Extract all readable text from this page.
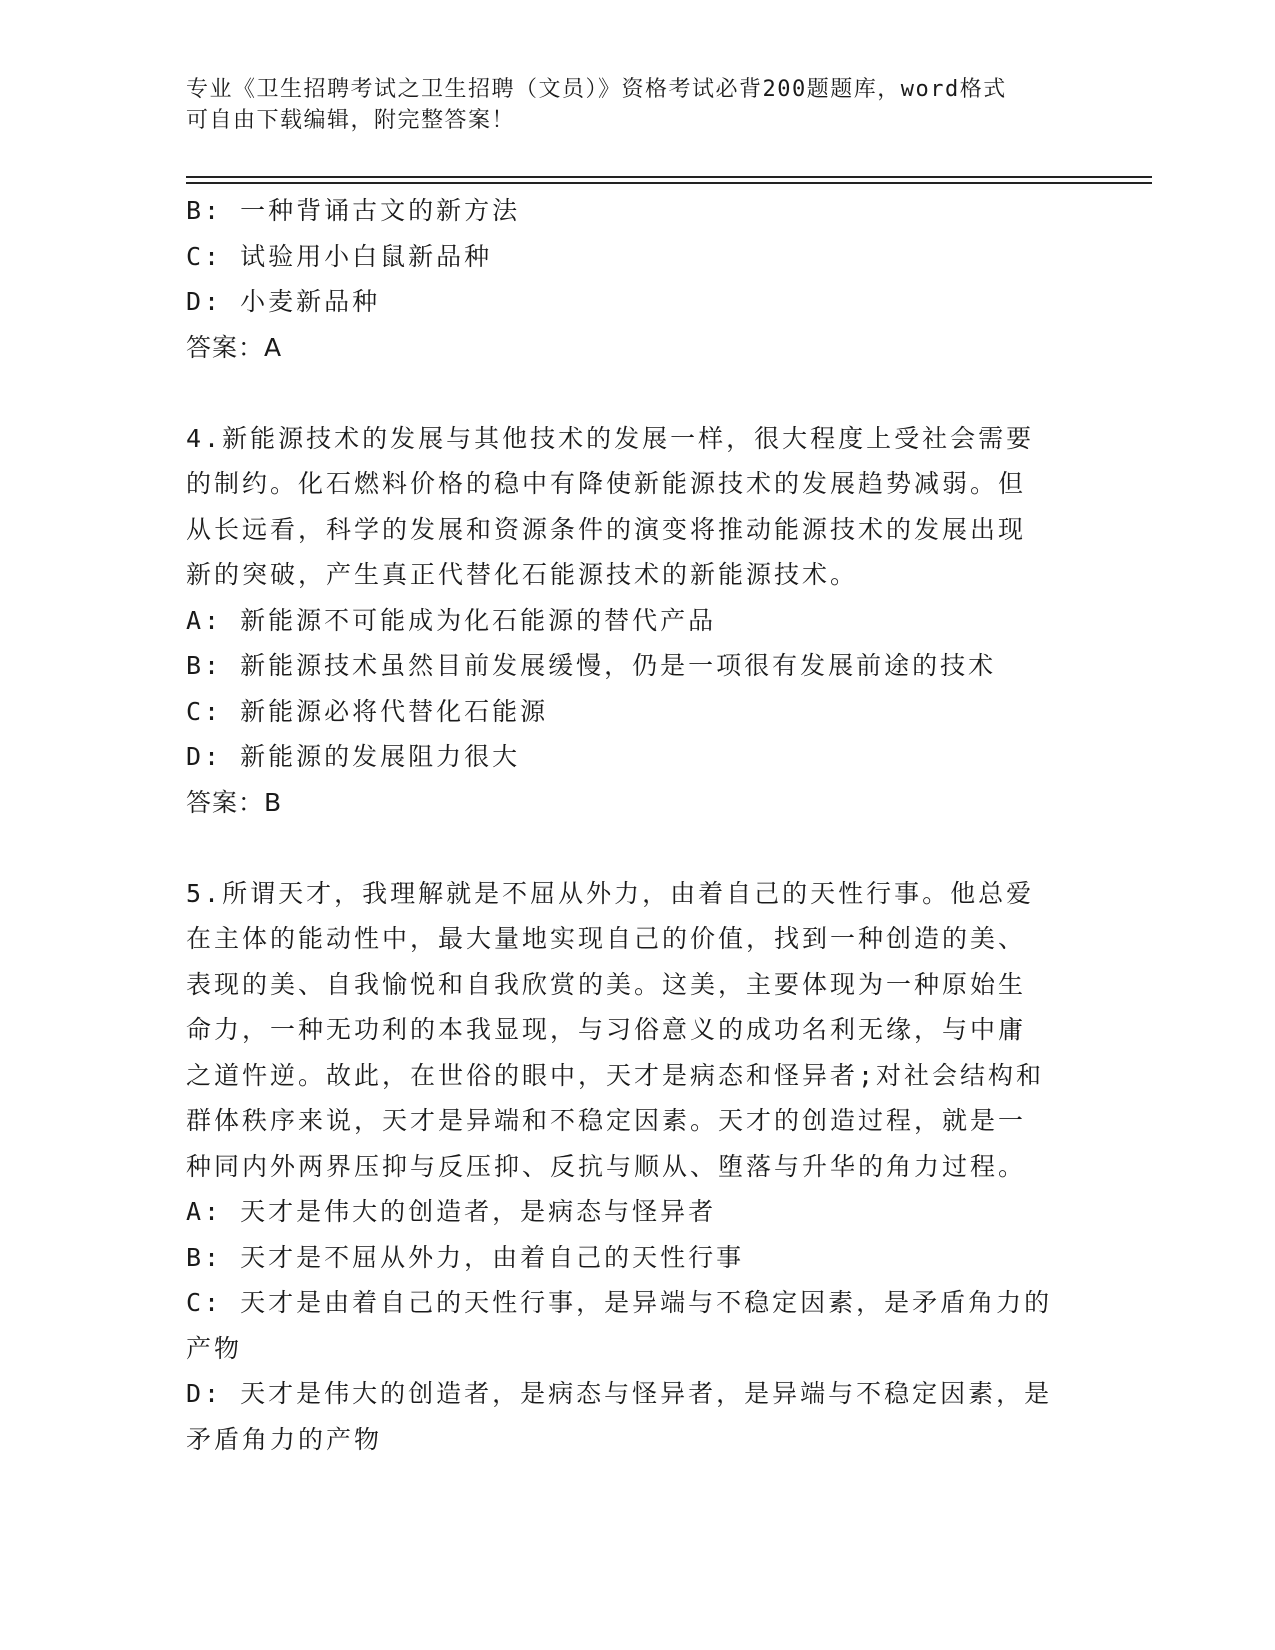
专业《卫生招聘考试之卫生招聘（文员）》资格考试必背200题题库，word格式
可自由下载编辑，附完整答案！
B: 一种背诵古文的新方法
C: 试验用小白鼠新品种
D: 小麦新品种
答案：A
4.新能源技术的发展与其他技术的发展一样，很大程度上受社会需要
的制约。化石燃料价格的稳中有降使新能源技术的发展趋势减弱。但
从长远看，科学的发展和资源条件的演变将推动能源技术的发展出现
新的突破，产生真正代替化石能源技术的新能源技术。
A: 新能源不可能成为化石能源的替代产品
B: 新能源技术虽然目前发展缓慢，仍是一项很有发展前途的技术
C: 新能源必将代替化石能源
D: 新能源的发展阻力很大
答案：B
5.所谓天才，我理解就是不屈从外力，由着自己的天性行事。他总爱
在主体的能动性中，最大量地实现自己的价值，找到一种创造的美、
表现的美、自我愉悦和自我欣赏的美。这美，主要体现为一种原始生
命力，一种无功利的本我显现，与习俗意义的成功名利无缘，与中庸
之道忤逆。故此，在世俗的眼中，天才是病态和怪异者;对社会结构和
群体秩序来说，天才是异端和不稳定因素。天才的创造过程，就是一
种同内外两界压抑与反压抑、反抗与顺从、堕落与升华的角力过程。
A: 天才是伟大的创造者，是病态与怪异者
B: 天才是不屈从外力，由着自己的天性行事
C: 天才是由着自己的天性行事，是异端与不稳定因素，是矛盾角力的
产物
D: 天才是伟大的创造者，是病态与怪异者，是异端与不稳定因素，是
矛盾角力的产物
